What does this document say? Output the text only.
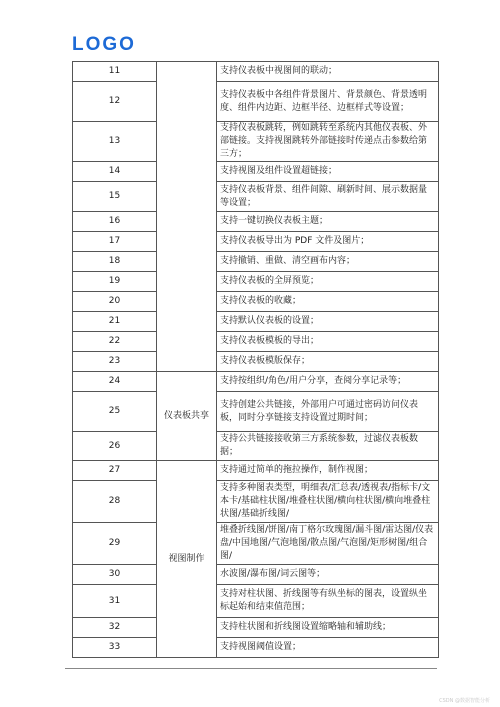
LOGO
11		支持仪表板中视图间的联动；
12		支持仪表板中各组件背景图片、背景颜色、背景透明度、组件内边距、边框半径、边框样式等设置；
13		支持仪表板跳转，例如跳转至系统内其他仪表板、外部链接。支持视图跳转外部链接时传递点击参数给第三方；
14		支持视图及组件设置超链接；
15		支持仪表板背景、组件间隙、刷新时间、展示数据量等设置；
16		支持一键切换仪表板主题；
17		支持仪表板导出为 PDF 文件及图片；
18		支持撤销、重做、清空画布内容；
19		支持仪表板的全屏预览；
20		支持仪表板的收藏；
21		支持默认仪表板的设置；
22		支持仪表板模板的导出；
23		支持仪表板模版保存；
24	仪表板共享	支持按组织/角色/用户分享，查阅分享记录等；
25		支持创建公共链接，外部用户可通过密码访问仪表板，同时分享链接支持设置过期时间；
26		支持公共链接接收第三方系统参数，过滤仪表板数据；
27	视图制作	支持通过简单的拖拉操作，制作视图；
28		支持多种图表类型，明细表/汇总表/透视表/指标卡/文本卡/基础柱状图/堆叠柱状图/横向柱状图/横向堆叠柱状图/基础折线图/
29		堆叠折线图/饼图/南丁格尔玫瑰图/漏斗图/雷达图/仪表盘/中国地图/气泡地图/散点图/气泡图/矩形树图/组合图/
30		水波图/瀑布图/词云图等；
31		支持对柱状图、折线图等有纵坐标的图表，设置纵坐标起始和结束值范围；
32		支持柱状图和折线图设置缩略轴和辅助线；
33		支持视图阈值设置；
CSDN @数据智能分析
